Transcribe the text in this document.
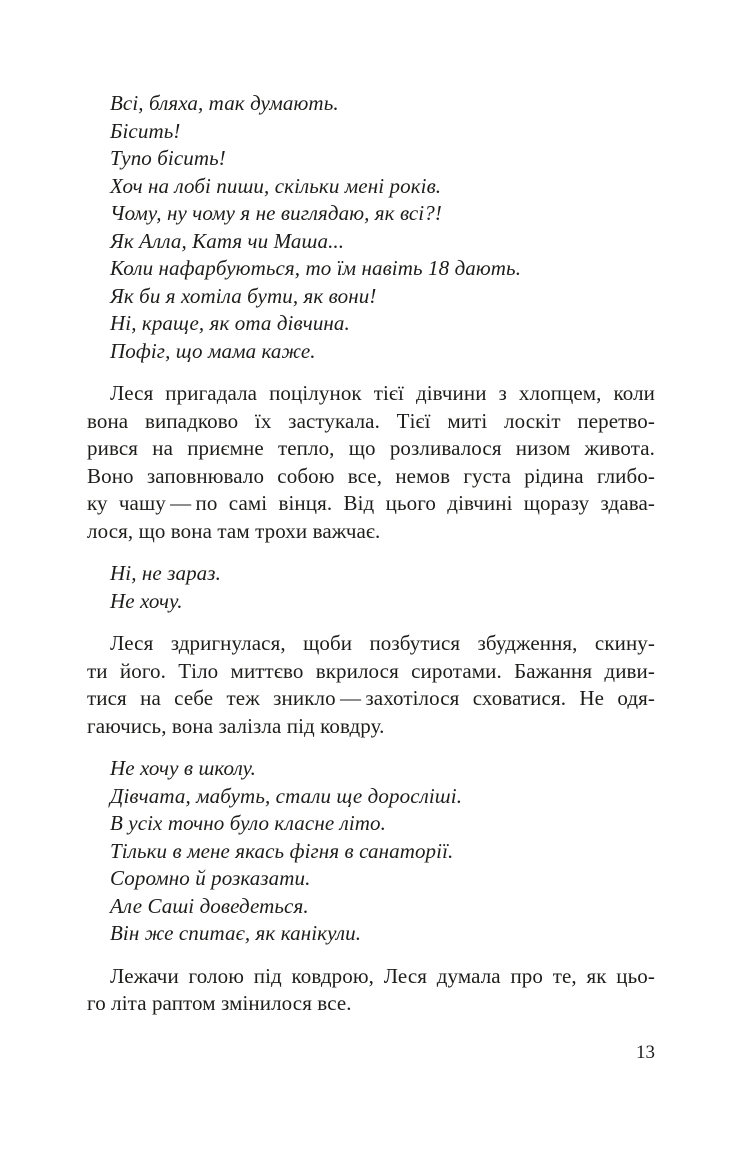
Всі, бляха, так думають.
Бісить!
Тупо бісить!
Хоч на лобі пиши, скільки мені років.
Чому, ну чому я не виглядаю, як всі?!
Як Алла, Катя чи Маша...
Коли нафарбуються, то їм навіть 18 дають.
Як би я хотіла бути, як вони!
Ні, краще, як ота дівчина.
Пофіг, що мама каже.
Леся пригадала поцілунок тієї дівчини з хлопцем, коли
вона випадково їх застукала. Тієї миті лоскіт перетво-
рився на приємне тепло, що розливалося низом живота.
Воно заповнювало собою все, немов густа рідина глибо-
ку чашу — по самі вінця. Від цього дівчині щоразу здава-
лося, що вона там трохи важчає.
Ні, не зараз.
Не хочу.
Леся здригнулася, щоби позбутися збудження, скину-
ти його. Тіло миттєво вкрилося сиротами. Бажання диви-
тися на себе теж зникло — захотілося сховатися. Не одя-
гаючись, вона залізла під ковдру.
Не хочу в школу.
Дівчата, мабуть, стали ще доросліші.
В усіх точно було класне літо.
Тільки в мене якась фігня в санаторії.
Соромно й розказати.
Але Саші доведеться.
Він же спитає, як канікули.
Лежачи голою під ковдрою, Леся думала про те, як цьо-
го літа раптом змінилося все.
13
